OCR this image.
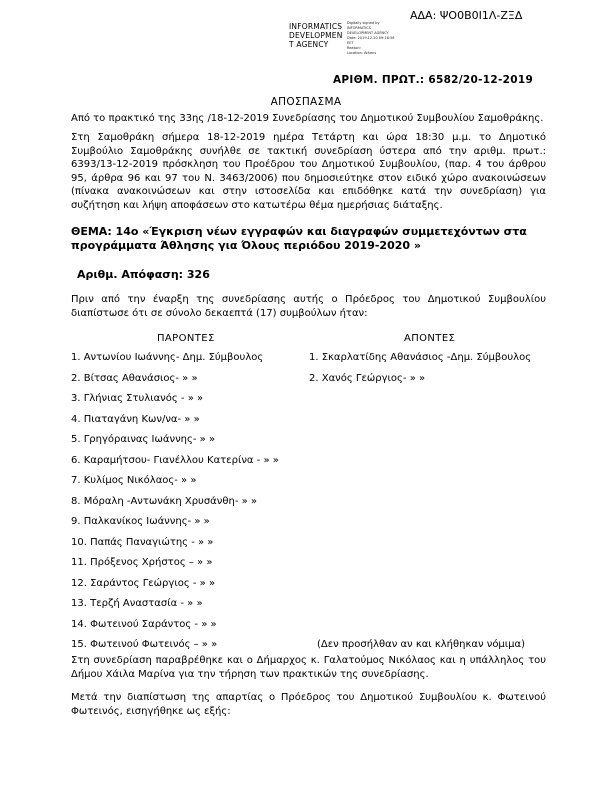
ΑΔΑ: ΨΟ0Β0Ι1Λ-ΖΞΔ
INFORMATICS
DEVELOPMEN
T AGENCY
Digitally signed by
INFORMATICS
DEVELOPMENT AGENCY
Date: 2019.12.20 09:16:56
EET
Reason:
Location: Athens
ΑΡΙΘΜ. ΠΡΩΤ.: 6582/20-12-2019
ΑΠΟΣΠΑΣΜΑ
Από το πρακτικό της 33ης /18-12-2019 Συνεδρίασης του Δημοτικού Συμβουλίου Σαμοθράκης.
Στη Σαμοθράκη σήμερα 18-12-2019 ημέρα Τετάρτη και ώρα 18:30 μ.μ. το Δημοτικό Συμβούλιο Σαμοθράκης συνήλθε σε τακτική συνεδρίαση ύστερα από την αριθμ. πρωτ.: 6393/13-12-2019 πρόσκληση του Προέδρου του Δημοτικού Συμβουλίου, (παρ. 4 του άρθρου 95, άρθρα 96 και 97 του Ν. 3463/2006) που δημοσιεύτηκε στον ειδικό χώρο ανακοινώσεων (πίνακα ανακοινώσεων και στην ιστοσελίδα και επιδόθηκε κατά την συνεδρίαση) για συζήτηση και λήψη αποφάσεων στο κατωτέρω θέμα ημερήσιας διάταξης.
ΘΕΜΑ: 14ο «Έγκριση νέων εγγραφών και διαγραφών συμμετεχόντων στα προγράμματα Άθλησης για Όλους περιόδου 2019-2020 »
Αριθμ. Απόφαση: 326
Πριν από την έναρξη της συνεδρίασης αυτής ο Πρόεδρος του Δημοτικού Συμβουλίου διαπίστωσε ότι σε σύνολο δεκαεπτά (17) συμβούλων ήταν:
ΠΑΡΟΝΤΕΣ	ΑΠΟΝΤΕΣ
1. Αντωνίου Ιωάννης- Δημ. Σύμβουλος
2. Βίτσας Αθανάσιος- » »
3. Γλήνιας Στυλιανός - » »
4. Πιαταγάνη Κων/να- » »
5. Γρηγόραινας Ιωάννης- » »
6. Καραμήτσου- Γιανέλλου Κατερίνα - » »
7. Κυλίμος Νικόλαος- » »
8. Μόραλη -Αντωνάκη Χρυσάνθη- » »
9. Παλκανίκος Ιωάννης- » »
10. Παπάς Παναγιώτης - » »
11. Πρόξενος Χρήστος – » »
12. Σαράντος Γεώργιος - » »
13. Τερζή Αναστασία - » »
14. Φωτεινού Σαράντος - » »
15. Φωτεινού Φωτεινός – » »
1. Σκαρλατίδης Αθανάσιος -Δημ. Σύμβουλος
2. Χανός Γεώργιος- » »
(Δεν προσήλθαν αν και κλήθηκαν νόμιμα)
Στη συνεδρίαση παραβρέθηκε και ο Δήμαρχος κ. Γαλατούμος Νικόλαος και η υπάλληλος του Δήμου Χάιλα Μαρίνα για την τήρηση των πρακτικών της συνεδρίασης.
Μετά την διαπίστωση της απαρτίας ο Πρόεδρος του Δημοτικού Συμβουλίου κ. Φωτεινού Φωτεινός, εισηγήθηκε ως εξής:
